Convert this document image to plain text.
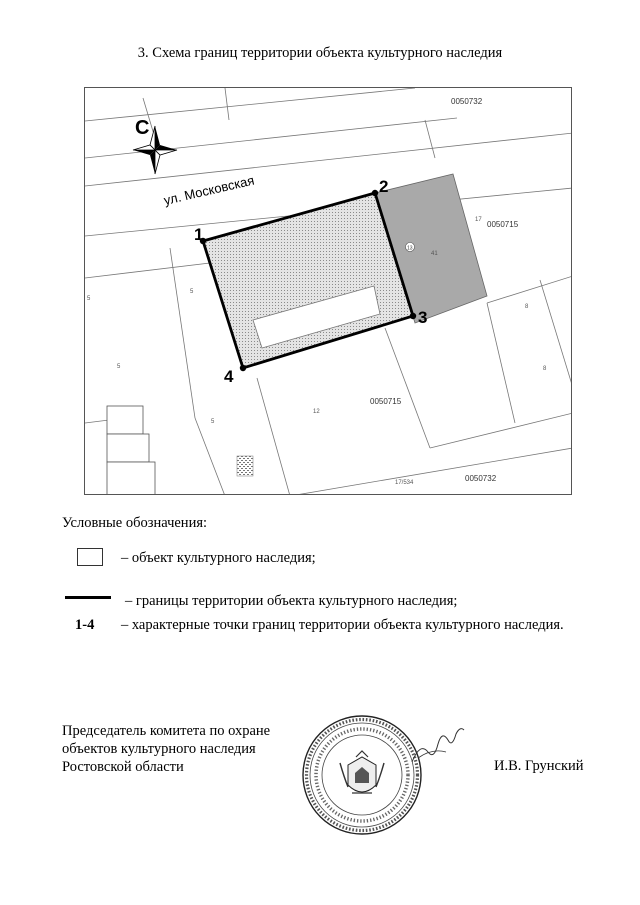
3. Схема границ территории объекта культурного наследия
1
2
3
4
ул. Московская
С
0050732
0050715
0050715
0050732
17
5
5
5
5
12
8
8
17/534
41
13
Условные обозначения:
– объект культурного наследия;
– границы территории объекта культурного наследия;
1-4 – характерные точки границ территории объекта культурного наследия.
Председатель комитета по охране
объектов культурного наследия
Ростовской области	И.В. Грунский
